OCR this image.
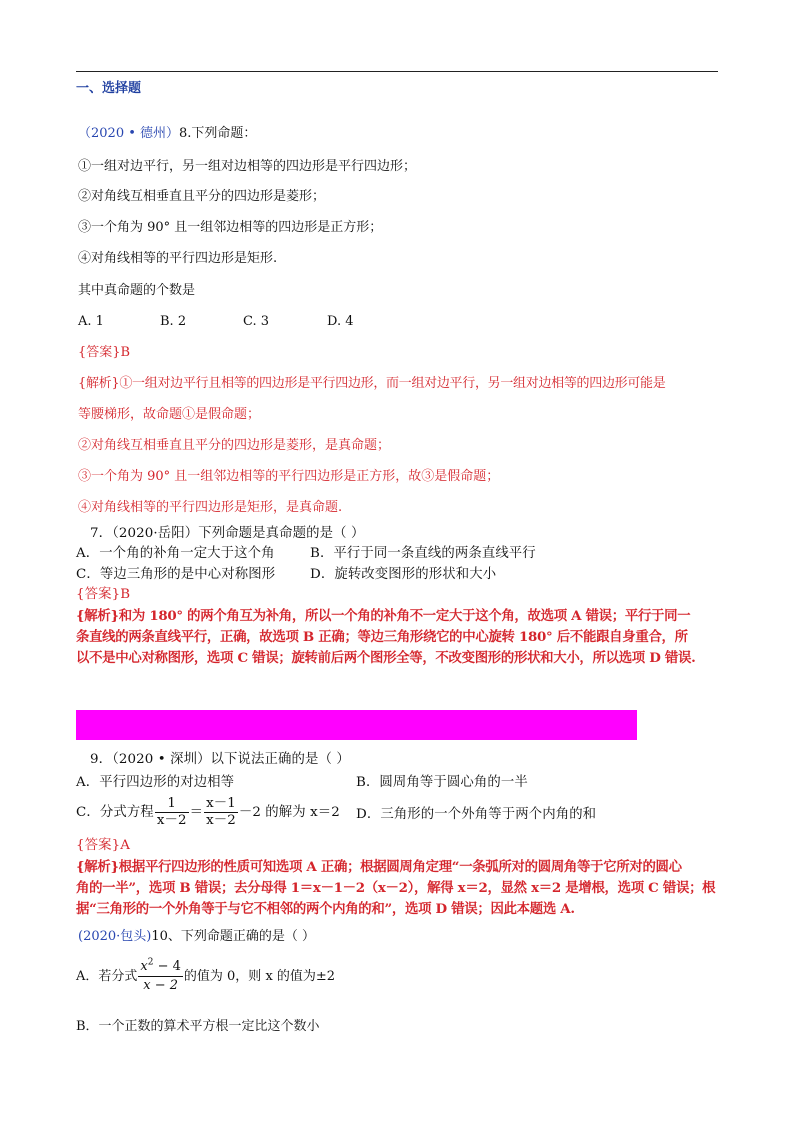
一、选择题
（2020 • 德州）8.下列命题：
①一组对边平行，另一组对边相等的四边形是平行四边形；
②对角线互相垂直且平分的四边形是菱形；
③一个角为 90° 且一组邻边相等的四边形是正方形；
④对角线相等的平行四边形是矩形.
其中真命题的个数是
A. 1	B. 2	C. 3	D. 4
{答案}B
{解析}①一组对边平行且相等的四边形是平行四边形，而一组对边平行，另一组对边相等的四边形可能是
等腰梯形，故命题①是假命题；
②对角线互相垂直且平分的四边形是菱形，是真命题；
③一个角为 90° 且一组邻边相等的平行四边形是正方形，故③是假命题；
④对角线相等的平行四边形是矩形，是真命题.
7．（2020·岳阳）下列命题是真命题的是（ ）
A．一个角的补角一定大于这个角	B．平行于同一条直线的两条直线平行
C．等边三角形的是中心对称图形	D．旋转改变图形的形状和大小
{答案}B
{解析}和为 180° 的两个角互为补角，所以一个角的补角不一定大于这个角，故选项 A 错误；平行于同一
条直线的两条直线平行，正确，故选项 B 正确；等边三角形绕它的中心旋转 180° 后不能跟自身重合，所
以不是中心对称图形，选项 C 错误；旋转前后两个图形全等，不改变图形的形状和大小，所以选项 D 错误.
9．（2020 • 深圳）以下说法正确的是（ ）
A．平行四边形的对边相等	B．圆周角等于圆心角的一半
C．分式方程 $\frac{1}{x-2} = \frac{x-1}{x-2} -2$ 的解为 x＝2 D．三角形的一个外角等于两个内角的和
{答案}A
{解析}根据平行四边形的性质可知选项 A 正确；根据圆周角定理“一条弧所对的圆周角等于它所对的圆心
角的一半”，选项 B 错误；去分母得 1＝x－1－2（x－2），解得 x＝2，显然 x＝2 是增根，选项 C 错误；根
据“三角形的一个外角等于与它不相邻的两个内角的和”，选项 D 错误；因此本题选 A.
(2020·包头)10、下列命题正确的是（ ）
A．若分式 $\frac{x^2 - 4}{x - 2}$ 的值为 0，则 x 的值为±2
B．一个正数的算术平方根一定比这个数小
